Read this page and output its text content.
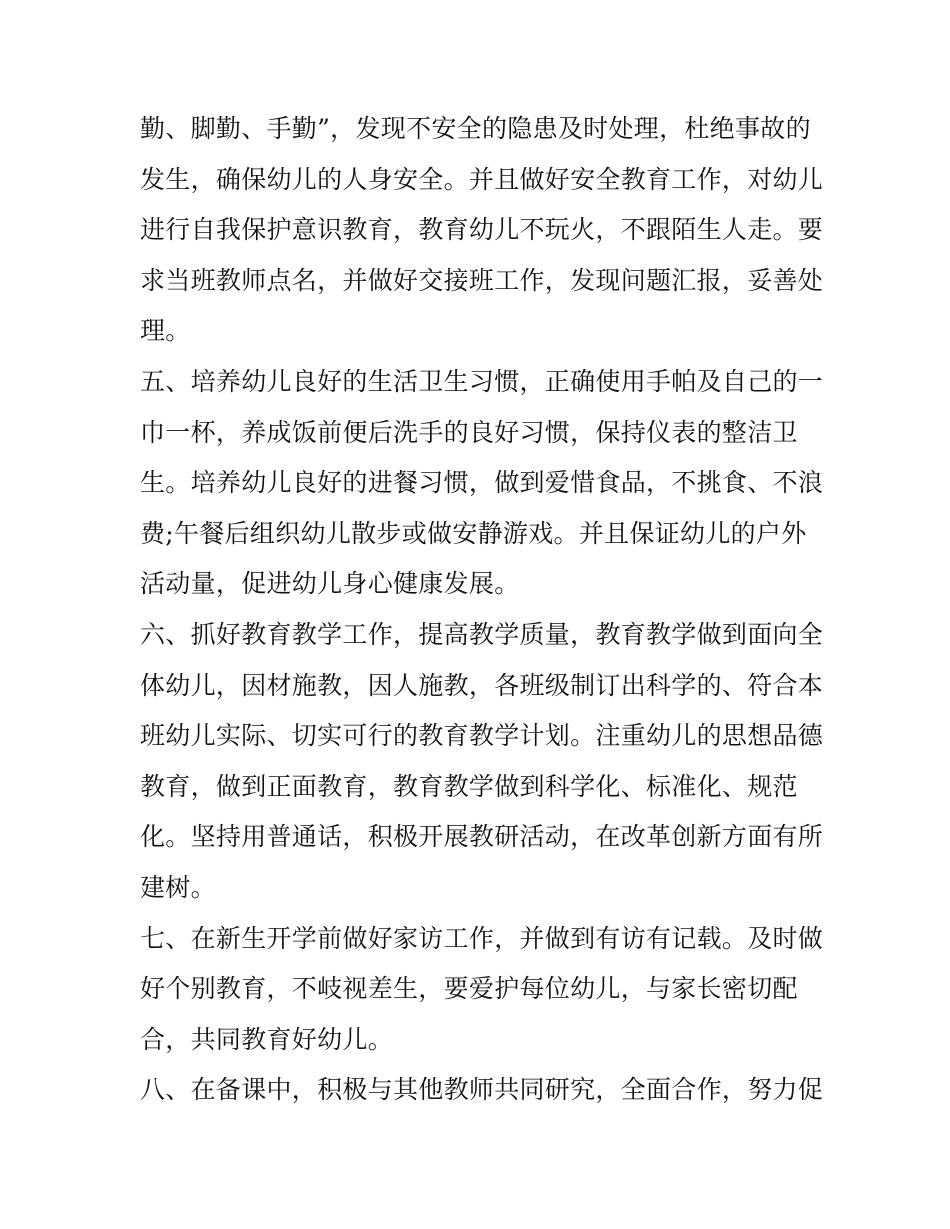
勤、脚勤、手勤”，发现不安全的隐患及时处理，杜绝事故的
发生，确保幼儿的人身安全。并且做好安全教育工作，对幼儿
进行自我保护意识教育，教育幼儿不玩火，不跟陌生人走。要
求当班教师点名，并做好交接班工作，发现问题汇报，妥善处
理。
五、培养幼儿良好的生活卫生习惯，正确使用手帕及自己的一
巾一杯，养成饭前便后洗手的良好习惯，保持仪表的整洁卫
生。培养幼儿良好的进餐习惯，做到爱惜食品，不挑食、不浪
费;午餐后组织幼儿散步或做安静游戏。并且保证幼儿的户外
活动量，促进幼儿身心健康发展。
六、抓好教育教学工作，提高教学质量，教育教学做到面向全
体幼儿，因材施教，因人施教，各班级制订出科学的、符合本
班幼儿实际、切实可行的教育教学计划。注重幼儿的思想品德
教育，做到正面教育，教育教学做到科学化、标准化、规范
化。坚持用普通话，积极开展教研活动，在改革创新方面有所
建树。
七、在新生开学前做好家访工作，并做到有访有记载。及时做
好个别教育，不岐视差生，要爱护每位幼儿，与家长密切配
合，共同教育好幼儿。
八、在备课中，积极与其他教师共同研究，全面合作，努力促
